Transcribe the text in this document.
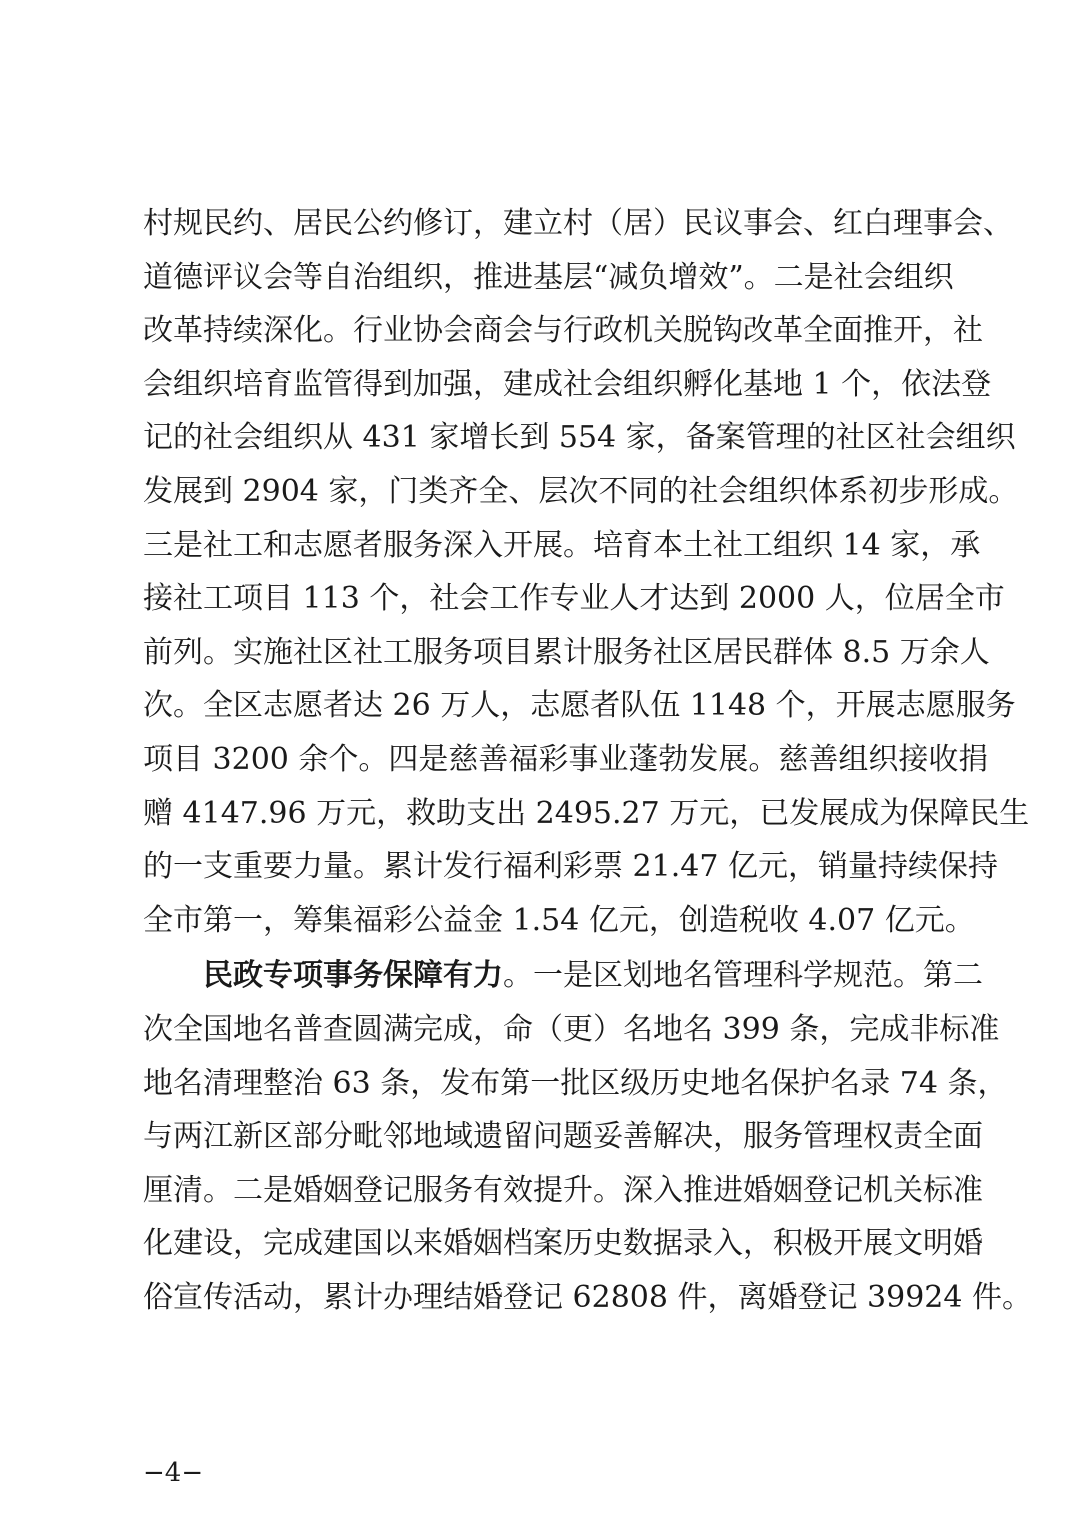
村规民约、居民公约修订，建立村（居）民议事会、红白理事会、
道德评议会等自治组织，推进基层“减负增效”。二是社会组织
改革持续深化。行业协会商会与行政机关脱钩改革全面推开，社
会组织培育监管得到加强，建成社会组织孵化基地 1 个，依法登
记的社会组织从 431 家增长到 554 家，备案管理的社区社会组织
发展到 2904 家，门类齐全、层次不同的社会组织体系初步形成。
三是社工和志愿者服务深入开展。培育本土社工组织 14 家，承
接社工项目 113 个，社会工作专业人才达到 2000 人，位居全市
前列。实施社区社工服务项目累计服务社区居民群体 8.5 万余人
次。全区志愿者达 26 万人，志愿者队伍 1148 个，开展志愿服务
项目 3200 余个。四是慈善福彩事业蓬勃发展。慈善组织接收捐
赠 4147.96 万元，救助支出 2495.27 万元，已发展成为保障民生
的一支重要力量。累计发行福利彩票 21.47 亿元，销量持续保持
全市第一，筹集福彩公益金 1.54 亿元，创造税收 4.07 亿元。
民政专项事务保障有力。一是区划地名管理科学规范。第二
次全国地名普查圆满完成，命（更）名地名 399 条，完成非标准
地名清理整治 63 条，发布第一批区级历史地名保护名录 74 条，
与两江新区部分毗邻地域遗留问题妥善解决，服务管理权责全面
厘清。二是婚姻登记服务有效提升。深入推进婚姻登记机关标准
化建设，完成建国以来婚姻档案历史数据录入，积极开展文明婚
俗宣传活动，累计办理结婚登记 62808 件，离婚登记 39924 件。
−4−
